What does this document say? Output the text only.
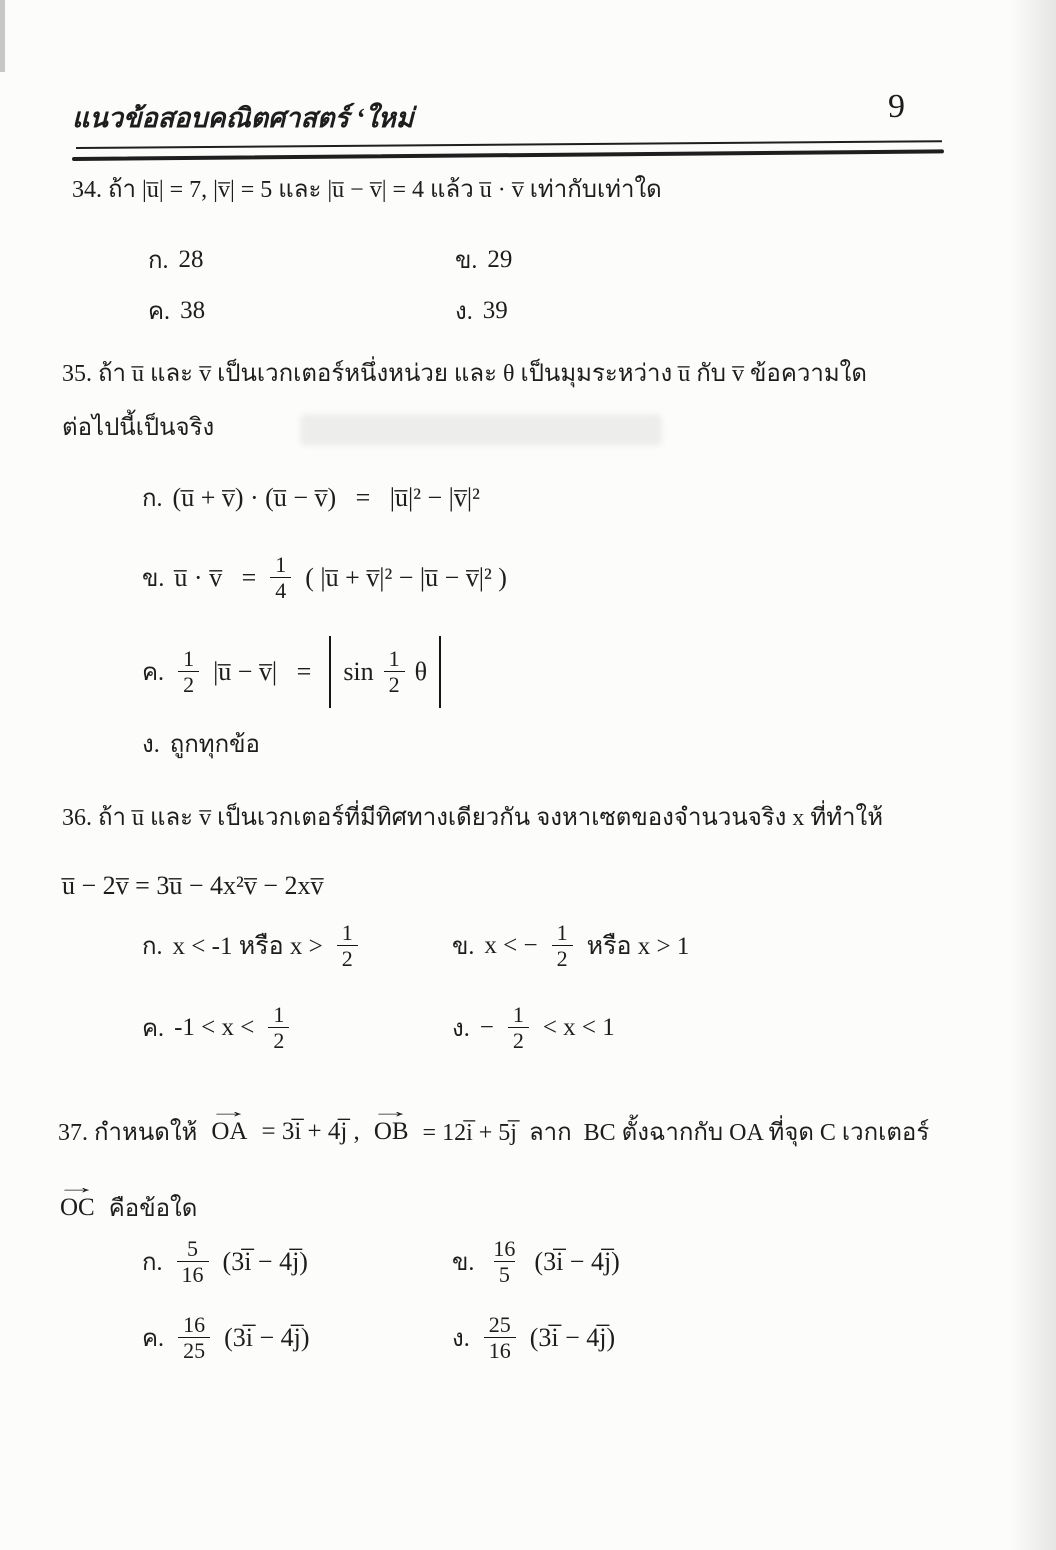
แนวข้อสอบคณิตศาสตร์ ‘ใหม่	9
34. ถ้า |u̅| = 7, |v̅| = 5 และ |u̅ − v̅| = 4 แล้ว u̅ · v̅ เท่ากับเท่าใด
ก. 28	ข. 29
ค. 38	ง. 39
35. ถ้า u̅ และ v̅ เป็นเวกเตอร์หนึ่งหน่วย และ θ เป็นมุมระหว่าง u̅ กับ v̅ ข้อความใด
ต่อไปนี้เป็นจริง
ก. (u̅ + v̅) · (u̅ − v̅)   =   |u̅|² − |v̅|²
ข. u̅ · v̅   = $\frac{1}{4}$ ( |u̅ + v̅|² − |u̅ − v̅|² )
ค. $\frac{1}{2}$ |u̅ − v̅|   = $\sin \frac{1}{2}$ θ
ง. ถูกทุกข้อ
36. ถ้า u̅ และ v̅ เป็นเวกเตอร์ที่มีทิศทางเดียวกัน จงหาเซตของจำนวนจริง x ที่ทำให้
u̅ − 2v̅ = 3u̅ − 4x²v̅ − 2xv̅
ก. x < -1 หรือ $x > \frac{1}{2}$	ข. x < − $\frac{1}{2}$ หรือ x > 1
ค. $-1 < x < \frac{1}{2}$	ง. − $\frac{1}{2} < x < 1$
37. กำหนดให้ OA → = 3i̅ + 4j̅ , OB → = 12i̅ + 5j̅  ลาก  BC ตั้งฉากกับ OA ที่จุด C เวกเตอร์
OC → คือข้อใด
ก. $\frac{5}{16}$ (3i̅ − 4j̅)	ข. $\frac{16}{5}$ (3i̅ − 4j̅)
ค. $\frac{16}{25}$ (3i̅ − 4j̅)	ง. $\frac{25}{16}$ (3i̅ − 4j̅)
